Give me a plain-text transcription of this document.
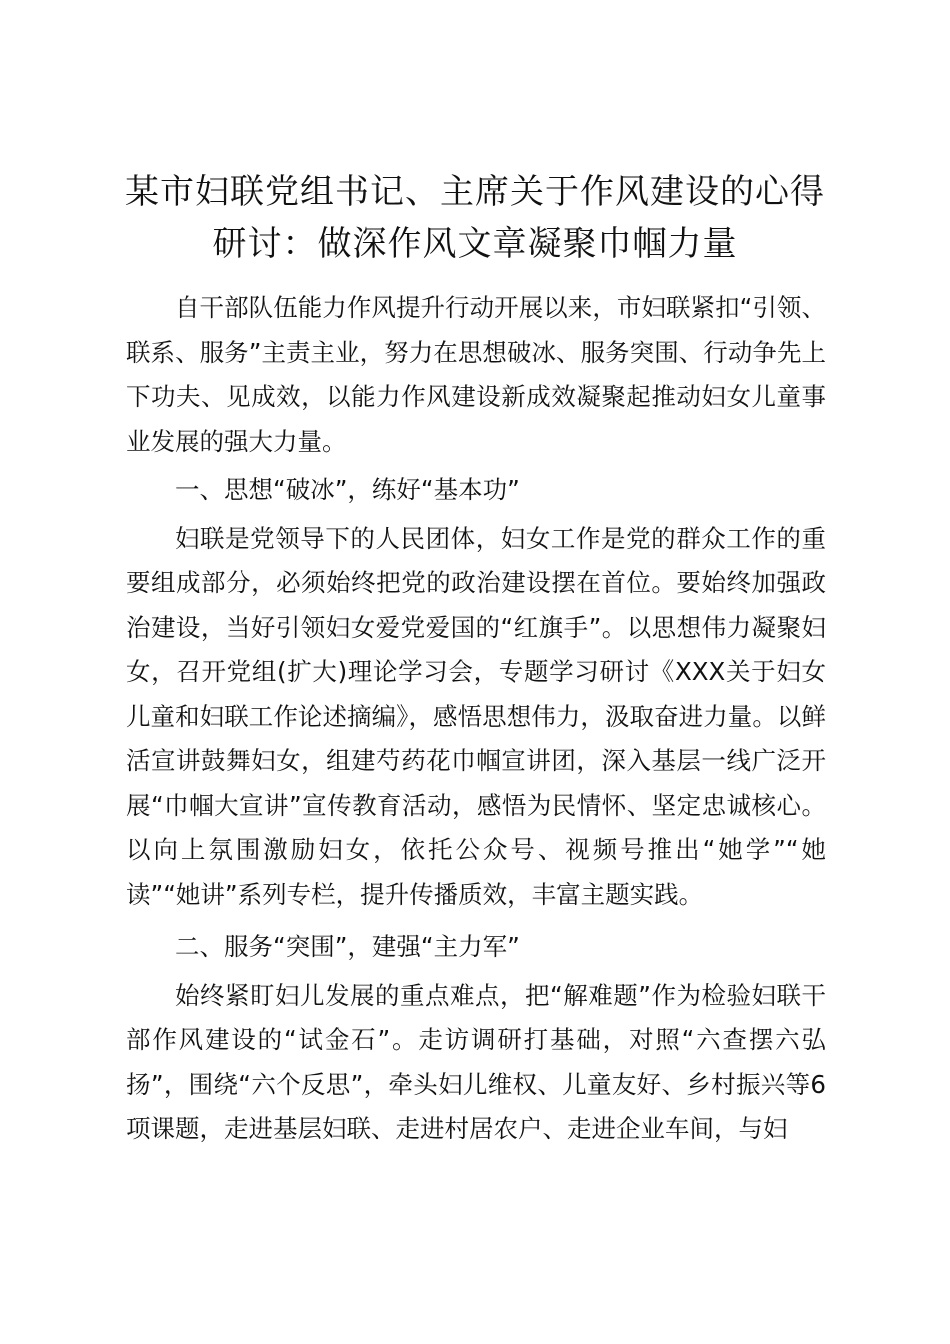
某市妇联党组书记、主席关于作风建设的心得
研讨：做深作风文章凝聚巾帼力量

自干部队伍能力作风提升行动开展以来，市妇联紧扣“引领、联系、服务”主责主业，努力在思想破冰、服务突围、行动争先上下功夫、见成效，以能力作风建设新成效凝聚起推动妇女儿童事业发展的强大力量。

一、思想“破冰”，练好“基本功”

妇联是党领导下的人民团体，妇女工作是党的群众工作的重要组成部分，必须始终把党的政治建设摆在首位。要始终加强政治建设，当好引领妇女爱党爱国的“红旗手”。以思想伟力凝聚妇女，召开党组(扩大)理论学习会，专题学习研讨《XXX关于妇女儿童和妇联工作论述摘编》，感悟思想伟力，汲取奋进力量。以鲜活宣讲鼓舞妇女，组建芍药花巾帼宣讲团，深入基层一线广泛开展“巾帼大宣讲”宣传教育活动，感悟为民情怀、坚定忠诚核心。以向上氛围激励妇女，依托公众号、视频号推出“她学”“她读”“她讲”系列专栏，提升传播质效，丰富主题实践。

二、服务“突围”，建强“主力军”

始终紧盯妇儿发展的重点难点，把“解难题”作为检验妇联干部作风建设的“试金石”。走访调研打基础，对照“六查摆六弘扬”，围绕“六个反思”，牵头妇儿维权、儿童友好、乡村振兴等6项课题，走进基层妇联、走进村居农户、走进企业车间，与妇
